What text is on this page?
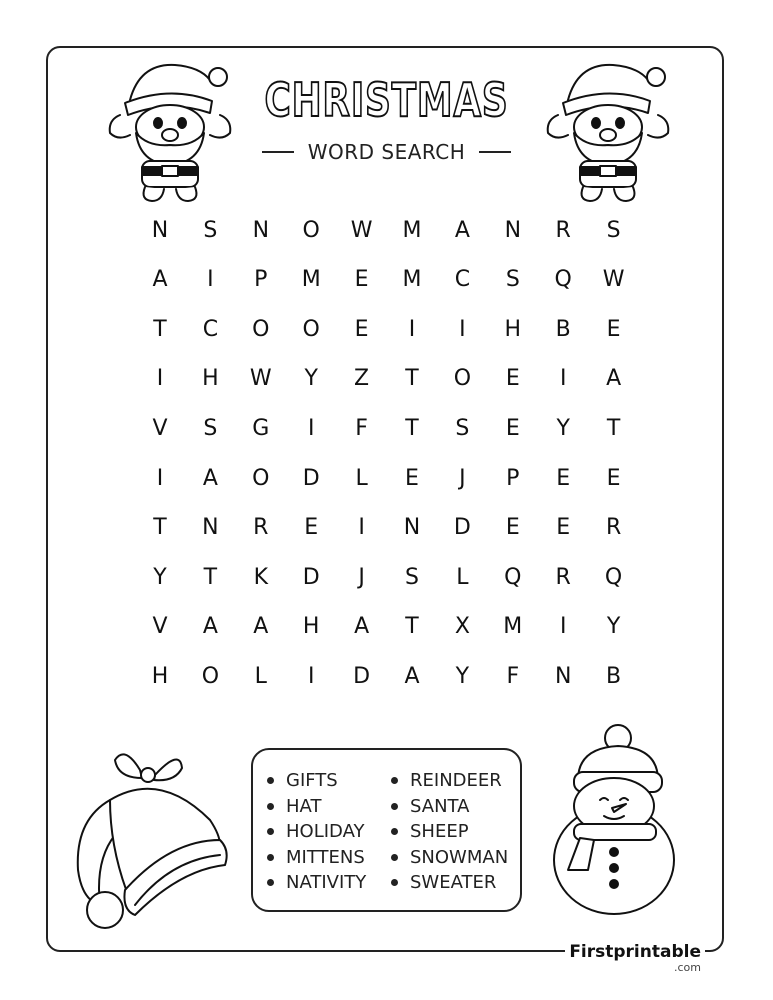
CHRISTMAS
WORD SEARCH
N	S	N	O	W	M	A	N	R	S
A	I	P	M	E	M	C	S	Q	W
T	C	O	O	E	I	I	H	B	E
I	H	W	Y	Z	T	O	E	I	A
V	S	G	I	F	T	S	E	Y	T
I	A	O	D	L	E	J	P	E	E
T	N	R	E	I	N	D	E	E	R
Y	T	K	D	J	S	L	Q	R	Q
V	A	A	H	A	T	X	M	I	Y
H	O	L	I	D	A	Y	F	N	B
GIFTS
HAT
HOLIDAY
MITTENS
NATIVITY
REINDEER
SANTA
SHEEP
SNOWMAN
SWEATER
Firstprintable
.com
